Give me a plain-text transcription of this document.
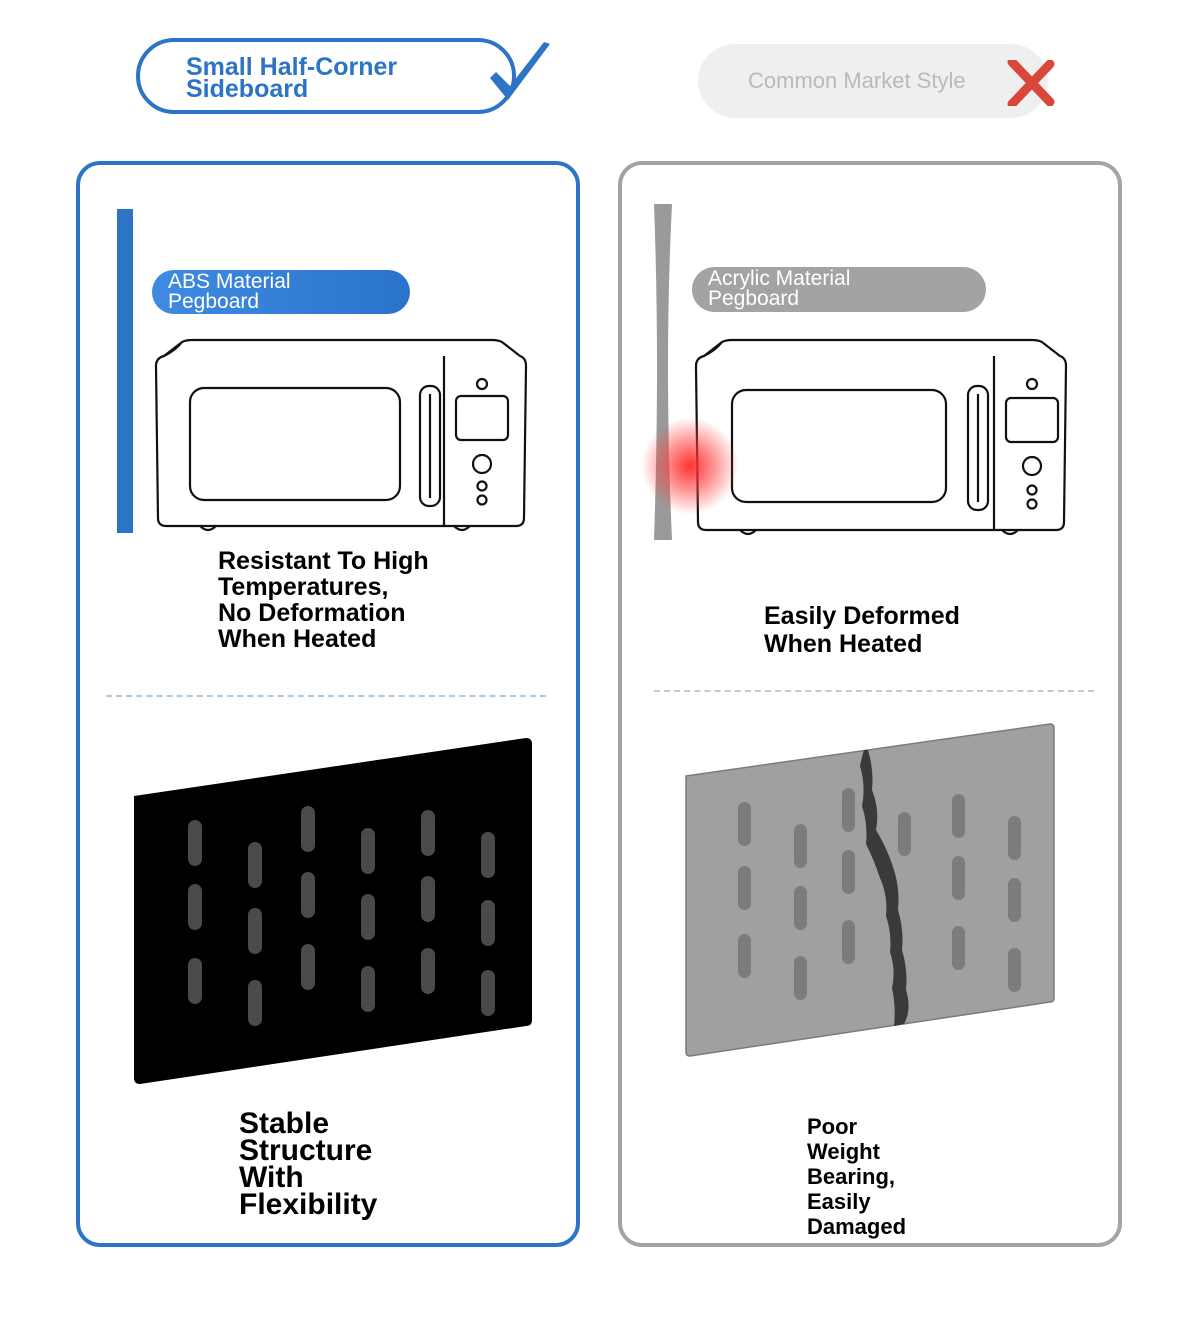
Small Half-Corner
Sideboard	Common Market Style
ABS Material
Pegboard
Resistant To High
Temperatures,
No Deformation
When Heated
Stable
Structure
With
Flexibility
Acrylic Material
Pegboard
Easily Deformed
When Heated
Poor
Weight
Bearing,
Easily
Damaged
